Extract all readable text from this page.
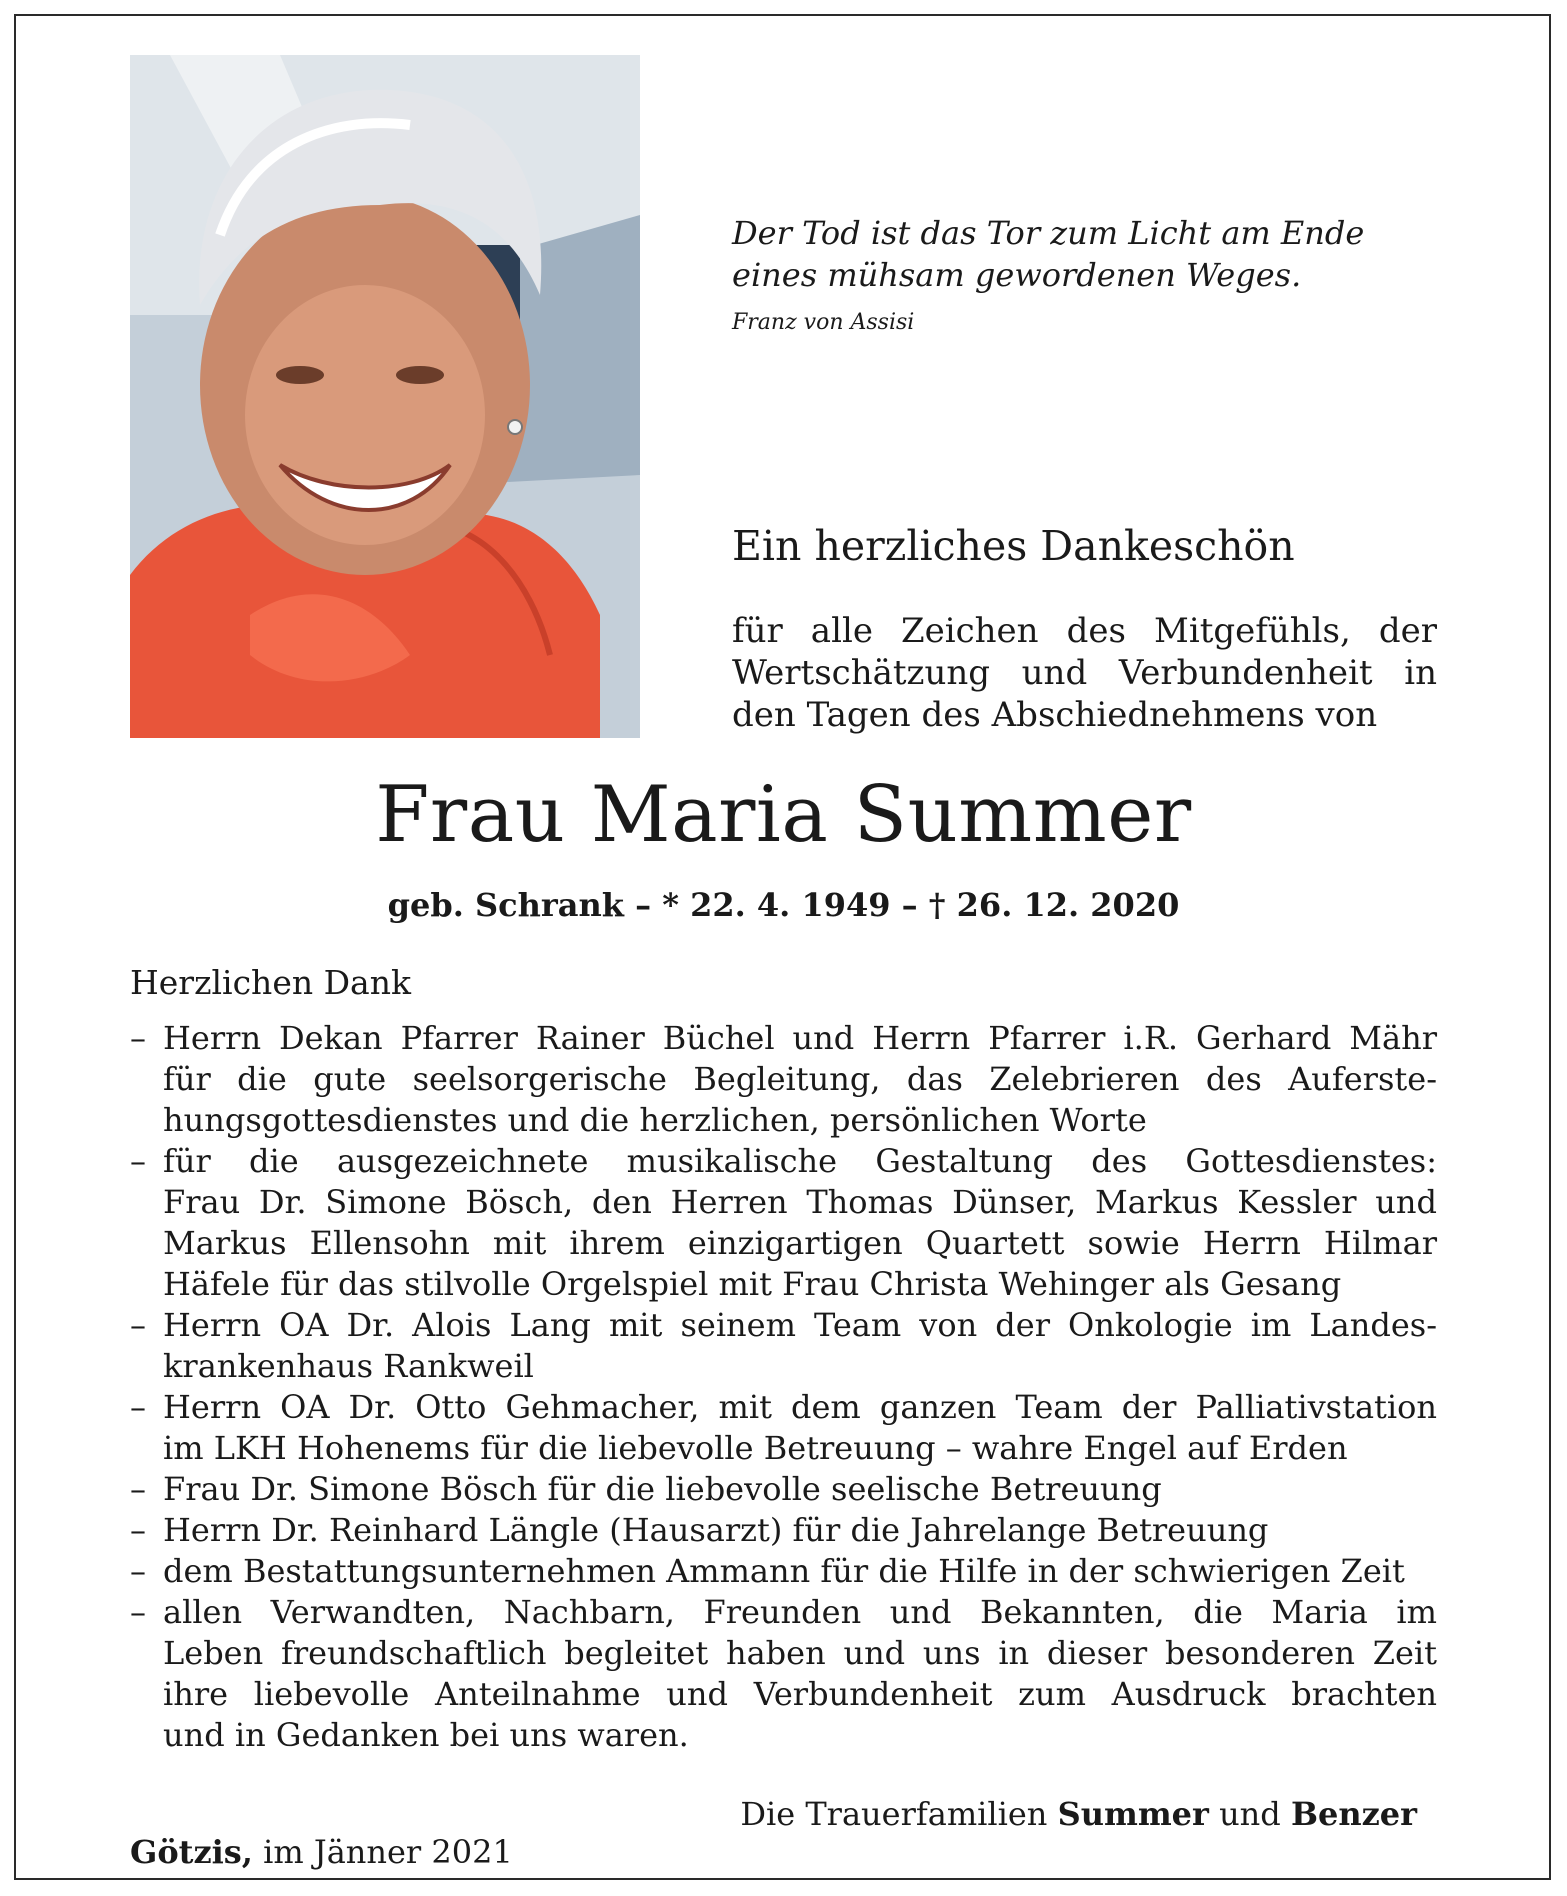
Der Tod ist das Tor zum Licht am Ende
eines mühsam gewordenen Weges.
Franz von Assisi
Ein herzliches Dankeschön
für alle Zeichen des Mitgefühls, der
Wertschätzung und Verbundenheit in
den Tagen des Abschiednehmens von
Frau Maria Summer
geb. Schrank – * 22. 4. 1949 – † 26. 12. 2020
Herzlichen Dank
– Herrn Dekan Pfarrer Rainer Büchel und Herrn Pfarrer i.R. Gerhard Mähr
für die gute seelsorgerische Begleitung, das Zelebrieren des Auferste-
hungsgottesdienstes und die herzlichen, persönlichen Worte
– für die ausgezeichnete musikalische Gestaltung des Gottesdienstes:
Frau Dr. Simone Bösch, den Herren Thomas Dünser, Markus Kessler und
Markus Ellensohn mit ihrem einzigartigen Quartett sowie Herrn Hilmar
Häfele für das stilvolle Orgelspiel mit Frau Christa Wehinger als Gesang
– Herrn OA Dr. Alois Lang mit seinem Team von der Onkologie im Landes-
krankenhaus Rankweil
– Herrn OA Dr. Otto Gehmacher, mit dem ganzen Team der Palliativstation
im LKH Hohenems für die liebevolle Betreuung – wahre Engel auf Erden
– Frau Dr. Simone Bösch für die liebevolle seelische Betreuung
– Herrn Dr. Reinhard Längle (Hausarzt) für die Jahrelange Betreuung
– dem Bestattungsunternehmen Ammann für die Hilfe in der schwierigen Zeit
– allen Verwandten, Nachbarn, Freunden und Bekannten, die Maria im
Leben freundschaftlich begleitet haben und uns in dieser besonderen Zeit
ihre liebevolle Anteilnahme und Verbundenheit zum Ausdruck brachten
und in Gedanken bei uns waren.
Die Trauerfamilien Summer und Benzer
Götzis, im Jänner 2021
